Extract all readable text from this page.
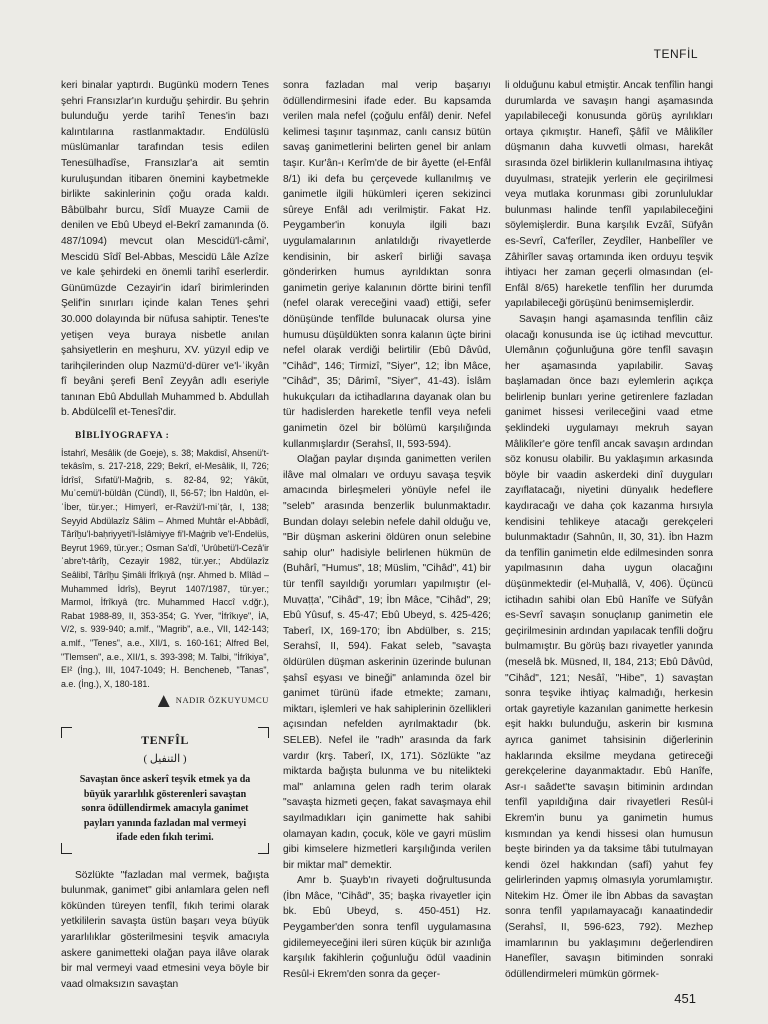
TENFİL

keri binalar yaptırdı. Bugünkü modern Tenes şehri Fransızlar'ın kurduğu şehirdir. Bu şehrin bulunduğu yerde tarihî Tenes'in bazı kalıntılarına rastlanmaktadır. Endülüslü müslümanlar tarafından tesis edilen Tenesülhadîse, Fransızlar'a ait semtin kuruluşundan itibaren önemini kaybetmekle birlikte sakinlerinin çoğu orada kaldı. Bâbülbahr burcu, Sîdî Muayze Camii de denilen ve Ebû Ubeyd el-Bekrî zamanında (ö. 487/1094) mevcut olan Mescidü'l-câmi', Mescidü Sîdî Bel-Abbas, Mescidü Lâle Azîze ve kale şehirdeki en önemli tarihî eserlerdir. Günümüzde Cezayir'in idarî birimlerinden Şelif'in sınırları içinde kalan Tenes şehri 30.000 dolayında bir nüfusa sahiptir. Tenes'te yetişen veya buraya nisbetle anılan şahsiyetlerin en meşhuru, XV. yüzyıl edip ve tarihçilerinden olup Nazmü'd-dürer ve'l-ʿikyân fî beyâni şerefi Benî Zeyyân adlı eseriyle tanınan Ebû Abdullah Muhammed b. Abdullah b. Abdülcelîl et-Tenesî'dir.

BİBLİYOGRAFYA :
İstahrî, Mesâlik (de Goeje), s. 38; Makdisî, Ahsenü't-tekâsîm, s. 217-218, 229; Bekrî, el-Mesâlik, II, 726; İdrîsî, Sıfatü'l-Mağrib, s. 82-84, 92; Yâkūt, Muʿcemü'l-büldân (Cündî), II, 56-57; İbn Haldûn, el-ʿİber, tür.yer.; Himyerî, er-Ravżü'l-miʿṭâr, I, 138; Seyyid Abdülazîz Sâlim – Ahmed Muhtâr el-Abbâdî, Târîḫu'l-baḥriyyeti'l-İslâmiyye fi'l-Maġrib ve'l-Endelüs, Beyrut 1969, tür.yer.; Osman Sa'dî, 'Urûbetü'l-Cezâ'ir ʿabre't-târîḫ, Cezayir 1982, tür.yer.; Abdülazîz Seâlibî, Târîḫu Şimâli İfrîḳıyâ (nşr. Ahmed b. Mîlâd – Muhammed İdrîs), Beyrut 1407/1987, tür.yer.; Marmol, İfrîkıyâ (trc. Muhammed Haccî v.dğr.), Rabat 1988-89, II, 353-354; G. Yver, "İfrîkıye", İA, V/2, s. 939-940; a.mlf., "Magrib", a.e., VII, 142-143; a.mlf., "Tenes", a.e., XII/1, s. 160-161; Alfred Bel, "Tlemsen", a.e., XII/1, s. 393-398; M. Talbi, "İfrîkiya", EI² (İng.), III, 1047-1049; H. Bencheneb, "Tanas", a.e. (İng.), X, 180-181.
NADIR ÖZKUYUMCU
TENFÎL
( التنفيل )
Savaştan önce askerî teşvik etmek ya da büyük yararlılık gösterenleri savaştan sonra ödüllendirmek amacıyla ganimet payları yanında fazladan mal vermeyi ifade eden fıkıh terimi.

Sözlükte "fazladan mal vermek, bağışta bulunmak, ganimet" gibi anlamlara gelen nefl kökünden türeyen tenfîl, fıkıh terimi olarak yetkililerin savaşta üstün başarı veya büyük yararlılıklar gösterilmesini teşvik amacıyla askere ganimetteki olağan paya ilâve olarak bir mal vermeyi vaad etmesini veya böyle bir vaad olmaksızın savaştan

sonra fazladan mal verip başarıyı ödüllendirmesini ifade eder. Bu kapsamda verilen mala nefel (çoğulu enfâl) denir. Nefel kelimesi taşınır taşınmaz, canlı cansız bütün savaş ganimetlerini belirten genel bir anlam taşır. Kur'ân-ı Kerîm'de de bir âyette (el-Enfâl 8/1) iki defa bu çerçevede kullanılmış ve ganimetle ilgili hükümleri içeren sekizinci sûreye Enfâl adı verilmiştir. Fakat Hz. Peygamber'in konuyla ilgili bazı uygulamalarının anlatıldığı rivayetlerde kendisinin, bir askerî birliği savaşa gönderirken humus ayrıldıktan sonra ganimetin geriye kalanının dörtte birini tenfîl (nefel olarak vereceğini vaad) ettiği, sefer dönüşünde tenfîlde bulunacak olursa yine humusu düşüldükten sonra kalanın üçte birini nefel olarak verdiği belirtilir (Ebû Dâvûd, "Cihâd", 146; Tirmizî, "Siyer", 12; İbn Mâce, "Cihâd", 35; Dârimî, "Siyer", 41-43). İslâm hukukçuları da ictihadlarına dayanak olan bu tür hadislerden hareketle tenfîl veya nefeli ganimetin özel bir bölümü karşılığında kullanmışlardır (Serahsî, II, 593-594).

Olağan paylar dışında ganimetten verilen ilâve mal olmaları ve orduyu savaşa teşvik amacında birleşmeleri yönüyle nefel ile "seleb" arasında benzerlik bulunmaktadır. Bundan dolayı selebin nefele dahil olduğu ve, "Bir düşman askerini öldüren onun selebine sahip olur" hadisiyle belirlenen hükmün de (Buhârî, "Humus", 18; Müslim, "Cihâd", 41) bir tür tenfîl sayıldığı yorumları yapılmıştır (el-Muvaṭṭa', "Cihâd", 19; İbn Mâce, "Cihâd", 29; Ebû Yûsuf, s. 45-47; Ebû Ubeyd, s. 425-426; Taberî, IX, 169-170; İbn Abdülber, s. 215; Serahsî, II, 594). Fakat seleb, "savaşta öldürülen düşman askerinin üzerinde bulunan şahsî eşyası ve bineği" anlamında özel bir ganimet türünü ifade etmekte; zamanı, miktarı, işlemleri ve hak sahiplerinin özellikleri açısından nefelden ayrılmaktadır (bk. SELEB). Nefel ile "radh" arasında da fark vardır (krş. Taberî, IX, 171). Sözlükte "az miktarda bağışta bulunma ve bu nitelikteki mal" anlamına gelen radh terim olarak "savaşta hizmeti geçen, fakat savaşmaya ehil sayılmadıkları için ganimette hak sahibi olamayan kadın, çocuk, köle ve gayri müslim gibi kimselere hizmetleri karşılığında verilen bir miktar mal" demektir.

Amr b. Şuayb'ın rivayeti doğrultusunda (İbn Mâce, "Cihâd", 35; başka rivayetler için bk. Ebû Ubeyd, s. 450-451) Hz. Peygamber'den sonra tenfîl uygulamasına gidilemeyeceğini ileri süren küçük bir azınlığa karşılık fakihlerin çoğunluğu ödül vaadinin Resûl-i Ekrem'den sonra da geçer-

li olduğunu kabul etmiştir. Ancak tenfîlin hangi durumlarda ve savaşın hangi aşamasında yapılabileceği konusunda görüş ayrılıkları ortaya çıkmıştır. Hanefî, Şâfiî ve Mâlikîler düşmanın daha kuvvetli olması, harekât sırasında özel birliklerin kullanılmasına ihtiyaç duyulması, stratejik yerlerin ele geçirilmesi veya mutlaka korunması gibi zorunluluklar bulunması halinde tenfîl yapılabileceğini söylemişlerdir. Buna karşılık Evzâî, Süfyân es-Sevrî, Ca'ferîler, Zeydîler, Hanbelîler ve Zâhirîler savaş ortamında iken orduyu teşvik ihtiyacı her zaman geçerli olmasından (el-Enfâl 8/65) hareketle tenfîlin her durumda yapılabileceği görüşünü benimsemişlerdir.

Savaşın hangi aşamasında tenfîlin câiz olacağı konusunda ise üç ictihad mevcuttur. Ulemânın çoğunluğuna göre tenfîl savaşın her aşamasında yapılabilir. Savaş başlamadan önce bazı eylemlerin açıkça belirlenip bunları yerine getirenlere fazladan ganimet hissesi verileceğini vaad etme şeklindeki uygulamayı mekruh sayan Mâlikîler'e göre tenfîl ancak savaşın ardından söz konusu olabilir. Bu yaklaşımın arkasında böyle bir vaadin askerdeki dinî duyguları zayıflatacağı, niyetini dünyalık hedeflere kaydıracağı ve daha çok kazanma hırsıyla kendisini tehlikeye atacağı gerekçeleri bulunmaktadır (Sahnûn, II, 30, 31). İbn Hazm da tenfîlin ganimetin elde edilmesinden sonra yapılmasının daha uygun olacağını düşünmektedir (el-Muḥallâ, V, 406). Üçüncü ictihadın sahibi olan Ebû Hanîfe ve Süfyân es-Sevrî savaşın sonuçlanıp ganimetin ele geçirilmesinin ardından yapılacak tenfîli doğru bulmamıştır. Bu görüş bazı rivayetler yanında (meselâ bk. Müsned, II, 184, 213; Ebû Dâvûd, "Cihâd", 121; Nesâî, "Hibe", 1) savaştan sonra teşvike ihtiyaç kalmadığı, herkesin ortak gayretiyle kazanılan ganimette herkesin eşit hakkı bulunduğu, askerin bir kısmına ayrıca ganimet tahsisinin diğerlerinin haklarında eksilme meydana getireceği gerekçelerine dayanmaktadır. Ebû Hanîfe, Asr-ı saâdet'te savaşın bitiminin ardından tenfîl yapıldığına dair rivayetleri Resûl-i Ekrem'in bunu ya ganimetin humus kısmından ya kendi hissesi olan humusun beşte birinden ya da taksime tâbi tutulmayan kendi özel hakkından (safî) yahut fey gelirlerinden yapmış olmasıyla yorumlamıştır. Nitekim Hz. Ömer ile İbn Abbas da savaştan sonra tenfîl yapılamayacağı kanaatindedir (Serahsî, II, 596-623, 792). Mezhep imamlarının bu yaklaşımını değerlendiren Hanefîler, savaşın bitiminden sonraki ödüllendirmeleri mümkün görmek-

451
